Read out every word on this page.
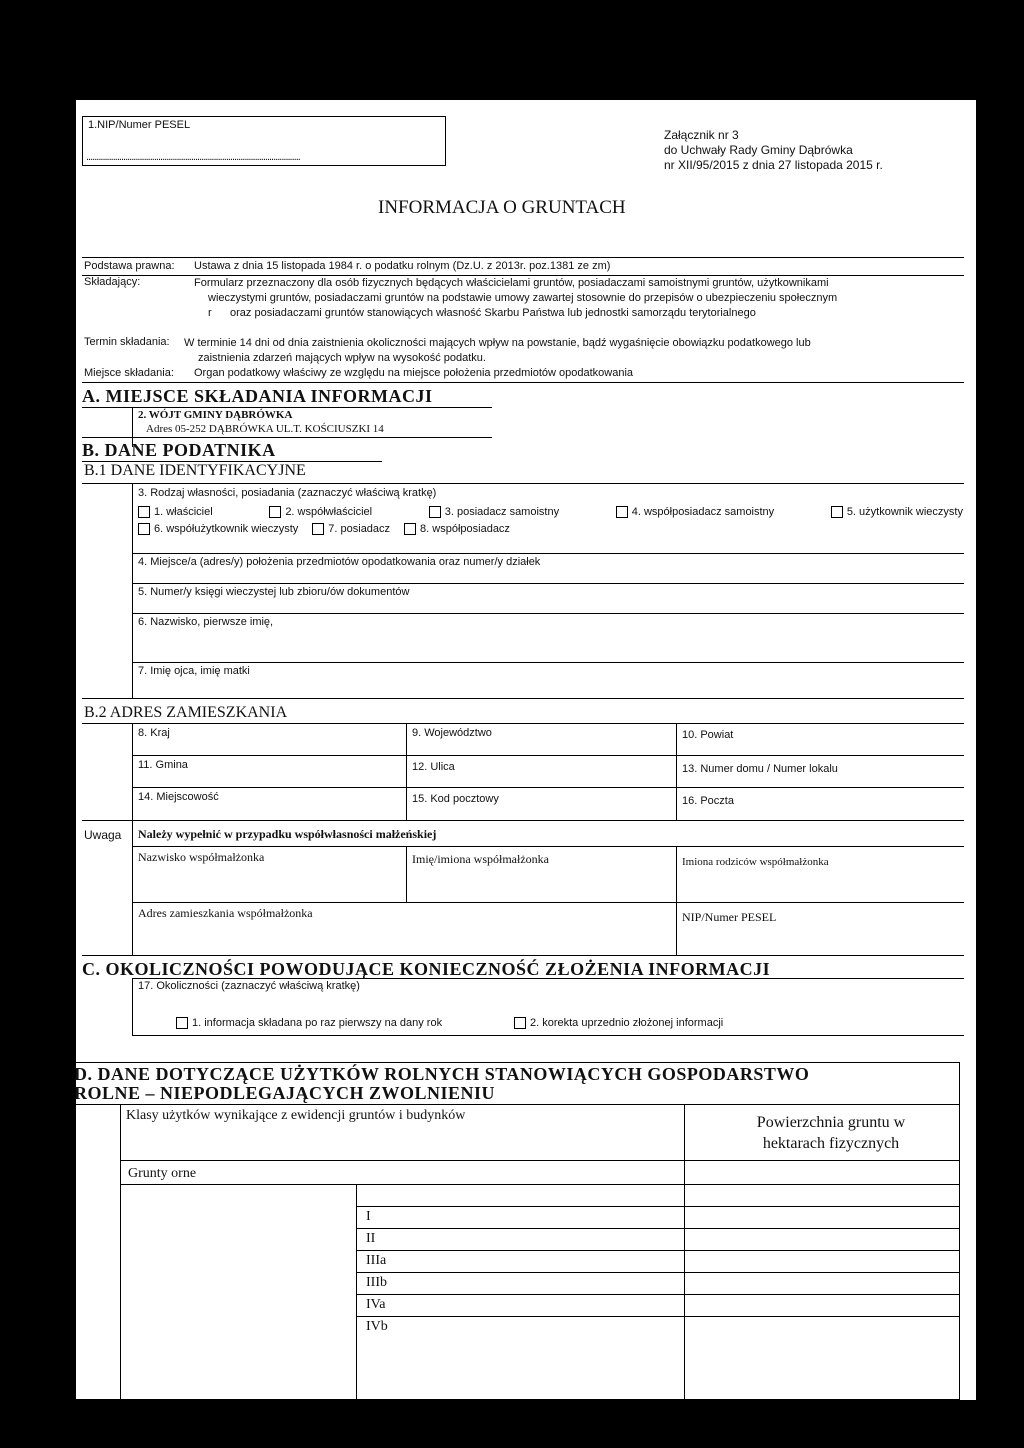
1.NIP/Numer PESEL
........................................................................................................
Załącznik nr 3
do Uchwały Rady Gminy Dąbrówka
nr XII/95/2015 z dnia 27 listopada 2015 r.
INFORMACJA O GRUNTACH
Podstawa prawna: Ustawa z dnia 15 listopada 1984 r. o podatku rolnym (Dz.U. z 2013r. poz.1381 ze zm)
Składający:	Formularz przeznaczony dla osób fizycznych będących właścicielami gruntów, posiadaczami samoistnymi gruntów, użytkownikami
wieczystymi gruntów, posiadaczami gruntów na podstawie umowy zawartej stosownie do przepisów o ubezpieczeniu społecznym
r oraz posiadaczami gruntów stanowiących własność Skarbu Państwa lub jednostki samorządu terytorialnego
Termin składania: W terminie 14 dni od dnia zaistnienia okoliczności mających wpływ na powstanie, bądź wygaśnięcie obowiązku podatkowego lub
zaistnienia zdarzeń mających wpływ na wysokość podatku.
Miejsce składania: Organ podatkowy właściwy ze względu na miejsce położenia przedmiotów opodatkowania
A. MIEJSCE SKŁADANIA INFORMACJI
2. WÓJT GMINY DĄBRÓWKA
Adres 05-252 DĄBRÓWKA UL.T. KOŚCIUSZKI 14
B. DANE PODATNIKA
B.1 DANE IDENTYFIKACYJNE
3. Rodzaj własności, posiadania (zaznaczyć właściwą kratkę)
1. właściciel	2. współwłaściciel	3. posiadacz samoistny	4. współposiadacz samoistny	5. użytkownik wieczysty
6. współużytkownik wieczysty	7. posiadacz	8. współposiadacz
4. Miejsce/a (adres/y) położenia przedmiotów opodatkowania oraz numer/y działek
5. Numer/y księgi wieczystej lub zbioru/ów dokumentów
6. Nazwisko, pierwsze imię,
7. Imię ojca, imię matki
B.2 ADRES ZAMIESZKANIA
8. Kraj	9. Województwo	10. Powiat
11. Gmina	12. Ulica	13. Numer domu / Numer lokalu
14. Miejscowość	15. Kod pocztowy	16. Poczta
Uwaga Należy wypełnić w przypadku współwłasności małżeńskiej
Nazwisko współmałżonka	Imię/imiona współmałżonka	Imiona rodziców współmałżonka
Adres zamieszkania współmałżonka	NIP/Numer PESEL
C. OKOLICZNOŚCI POWODUJĄCE KONIECZNOŚĆ ZŁOŻENIA INFORMACJI
17. Okoliczności (zaznaczyć właściwą kratkę)
1. informacja składana po raz pierwszy na dany rok	2. korekta uprzednio złożonej informacji
D. DANE DOTYCZĄCE UŻYTKÓW ROLNYCH STANOWIĄCYCH GOSPODARSTWO
ROLNE – NIEPODLEGAJĄCYCH ZWOLNIENIU
Klasy użytków wynikające z ewidencji gruntów i budynków	Powierzchnia gruntu w hektarach fizycznych
Grunty orne
I
II
IIIa
IIIb
IVa
IVb
